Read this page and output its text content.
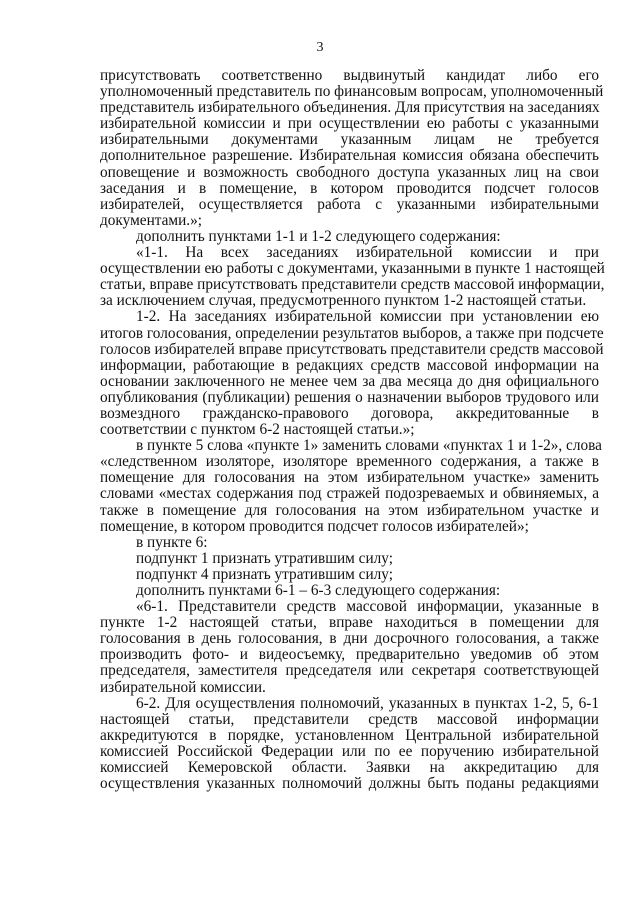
3
присутствовать соответственно выдвинутый кандидат либо его
уполномоченный представитель по финансовым вопросам, уполномоченный
представитель избирательного объединения. Для присутствия на заседаниях
избирательной комиссии и при осуществлении ею работы с указанными
избирательными документами указанным лицам не требуется
дополнительное разрешение. Избирательная комиссия обязана обеспечить
оповещение и возможность свободного доступа указанных лиц на свои
заседания и в помещение, в котором проводится подсчет голосов
избирателей, осуществляется работа с указанными избирательными
документами.»;
дополнить пунктами 1-1 и 1-2 следующего содержания:
«1-1. На всех заседаниях избирательной комиссии и при
осуществлении ею работы с документами, указанными в пункте 1 настоящей
статьи, вправе присутствовать представители средств массовой информации,
за исключением случая, предусмотренного пунктом 1-2 настоящей статьи.
1-2. На заседаниях избирательной комиссии при установлении ею
итогов голосования, определении результатов выборов, а также при подсчете
голосов избирателей вправе присутствовать представители средств массовой
информации, работающие в редакциях средств массовой информации на
основании заключенного не менее чем за два месяца до дня официального
опубликования (публикации) решения о назначении выборов трудового или
возмездного гражданско-правового договора, аккредитованные в
соответствии с пунктом 6-2 настоящей статьи.»;
в пункте 5 слова «пункте 1» заменить словами «пунктах 1 и 1-2», слова
«следственном изоляторе, изоляторе временного содержания, а также в
помещение для голосования на этом избирательном участке» заменить
словами «местах содержания под стражей подозреваемых и обвиняемых, а
также в помещение для голосования на этом избирательном участке и
помещение, в котором проводится подсчет голосов избирателей»;
в пункте 6:
подпункт 1 признать утратившим силу;
подпункт 4 признать утратившим силу;
дополнить пунктами 6-1 – 6-3 следующего содержания:
«6-1. Представители средств массовой информации, указанные в
пункте 1-2 настоящей статьи, вправе находиться в помещении для
голосования в день голосования, в дни досрочного голосования, а также
производить фото- и видеосъемку, предварительно уведомив об этом
председателя, заместителя председателя или секретаря соответствующей
избирательной комиссии.
6-2. Для осуществления полномочий, указанных в пунктах 1-2, 5, 6-1
настоящей статьи, представители средств массовой информации
аккредитуются в порядке, установленном Центральной избирательной
комиссией Российской Федерации или по ее поручению избирательной
комиссией Кемеровской области. Заявки на аккредитацию для
осуществления указанных полномочий должны быть поданы редакциями
